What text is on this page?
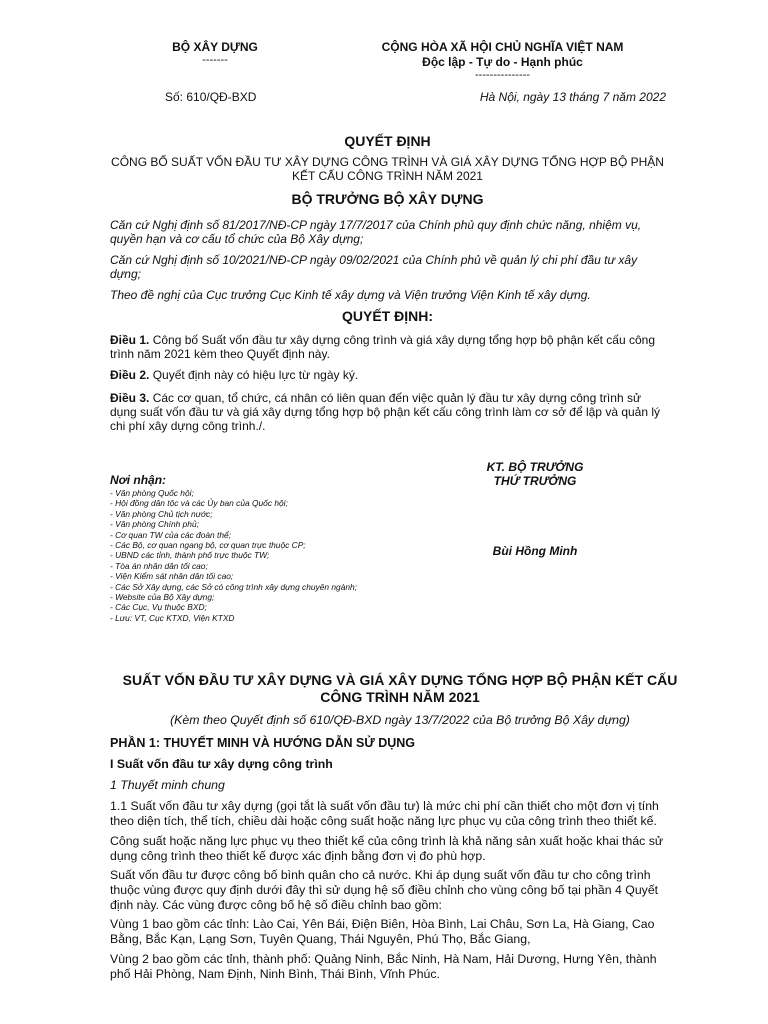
BỘ XÂY DỰNG
-------
Số: 610/QĐ-BXD
CỘNG HÒA XÃ HỘI CHỦ NGHĨA VIỆT NAM
Độc lập - Tự do - Hạnh phúc
---------------
Hà Nội, ngày 13 tháng 7 năm 2022
QUYẾT ĐỊNH
CÔNG BỐ SUẤT VỐN ĐẦU TƯ XÂY DỰNG CÔNG TRÌNH VÀ GIÁ XÂY DỰNG TỔNG HỢP BỘ PHẬN KẾT CẤU CÔNG TRÌNH NĂM 2021
BỘ TRƯỞNG BỘ XÂY DỰNG

Căn cứ Nghị định số 81/2017/NĐ-CP ngày 17/7/2017 của Chính phủ quy định chức năng, nhiệm vụ, quyền hạn và cơ cấu tổ chức của Bộ Xây dựng;

Căn cứ Nghị định số 10/2021/NĐ-CP ngày 09/02/2021 của Chính phủ về quản lý chi phí đầu tư xây dựng;

Theo đề nghị của Cục trưởng Cục Kinh tế xây dựng và Viện trưởng Viện Kinh tế xây dựng.

QUYẾT ĐỊNH:

Điều 1. Công bố Suất vốn đầu tư xây dựng công trình và giá xây dựng tổng hợp bộ phận kết cấu công trình năm 2021 kèm theo Quyết định này.

Điều 2. Quyết định này có hiệu lực từ ngày ký.

Điều 3. Các cơ quan, tổ chức, cá nhân có liên quan đến việc quản lý đầu tư xây dựng công trình sử dụng suất vốn đầu tư và giá xây dựng tổng hợp bộ phận kết cấu công trình làm cơ sở để lập và quản lý chi phí xây dựng công trình./.

Nơi nhận:
- Văn phòng Quốc hội;
- Hội đồng dân tộc và các Ủy ban của Quốc hội;
- Văn phòng Chủ tịch nước;
- Văn phòng Chính phủ;
- Cơ quan TW của các đoàn thể;
- Các Bộ, cơ quan ngang bộ, cơ quan trực thuộc CP;
- UBND các tỉnh, thành phố trực thuộc TW;
- Tòa án nhân dân tối cao;
- Viện Kiểm sát nhân dân tối cao;
- Các Sở Xây dựng, các Sở có công trình xây dựng chuyên ngành;
- Website của Bộ Xây dựng;
- Các Cục, Vụ thuộc BXD;
- Lưu: VT, Cục KTXD, Viện KTXD
KT. BỘ TRƯỞNG
THỨ TRƯỞNG
Bùi Hồng Minh
SUẤT VỐN ĐẦU TƯ XÂY DỰNG VÀ GIÁ XÂY DỰNG TỔNG HỢP BỘ PHẬN KẾT CẤU CÔNG TRÌNH NĂM 2021
(Kèm theo Quyết định số 610/QĐ-BXD ngày 13/7/2022 của Bộ trưởng Bộ Xây dựng)
PHẦN 1: THUYẾT MINH VÀ HƯỚNG DẪN SỬ DỤNG
I Suất vốn đầu tư xây dựng công trình
1 Thuyết minh chung

1.1 Suất vốn đầu tư xây dựng (gọi tắt là suất vốn đầu tư) là mức chi phí cần thiết cho một đơn vị tính theo diện tích, thể tích, chiều dài hoặc công suất hoặc năng lực phục vụ của công trình theo thiết kế.

Công suất hoặc năng lực phục vụ theo thiết kế của công trình là khả năng sản xuất hoặc khai thác sử dụng công trình theo thiết kế được xác định bằng đơn vị đo phù hợp.

Suất vốn đầu tư được công bố bình quân cho cả nước. Khi áp dụng suất vốn đầu tư cho công trình thuộc vùng được quy định dưới đây thì sử dụng hệ số điều chỉnh cho vùng công bố tại phần 4 Quyết định này. Các vùng được công bố hệ số điều chỉnh bao gồm:

Vùng 1 bao gồm các tỉnh: Lào Cai, Yên Bái, Điện Biên, Hòa Bình, Lai Châu, Sơn La, Hà Giang, Cao Bằng, Bắc Kạn, Lạng Sơn, Tuyên Quang, Thái Nguyên, Phú Thọ, Bắc Giang,

Vùng 2 bao gồm các tỉnh, thành phố: Quảng Ninh, Bắc Ninh, Hà Nam, Hải Dương, Hưng Yên, thành phố Hải Phòng, Nam Định, Ninh Bình, Thái Bình, Vĩnh Phúc.
